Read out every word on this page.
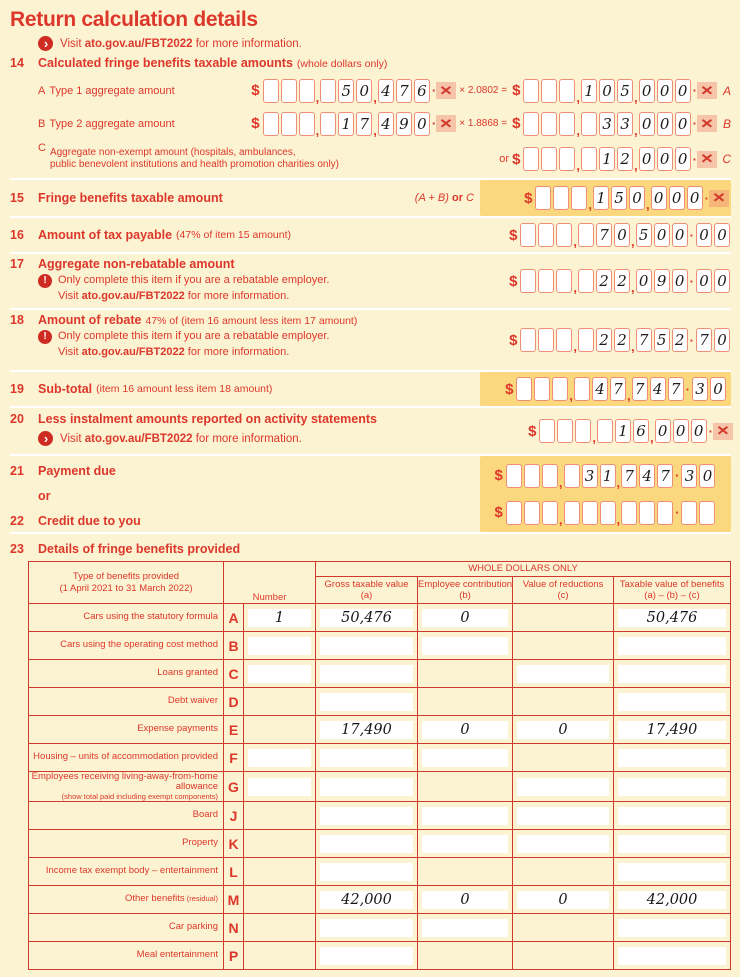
Return calculation details
›	Visit ato.gov.au/FBT2022 for more information.
14	Calculated fringe benefits taxable amounts (whole dollars only)
A Type 1 aggregate amount	$	, 5 0 , 4 7 6 · ✕ × 2.0802 = $	, 1 0 5 , 0 0 0 · ✕ A
B Type 2 aggregate amount	$	, 1 7 , 4 9 0 · ✕ × 1.8868 = $	, 3 3 , 0 0 0 · ✕ B
C Aggregate non-exempt amount (hospitals, ambulances,
public benevolent institutions and health promotion charities only)	or $	, 1 2 , 0 0 0 · ✕ C
15	Fringe benefits taxable amount	(A + B) or C	$	, 1 5 0 , 0 0 0 · ✕
16	Amount of tax payable (47% of item 15 amount)	$	, 7 0 , 5 0 0 · 0 0
17	Aggregate non-rebatable amount
!	Only complete this item if you are a rebatable employer.
Visit ato.gov.au/FBT2022 for more information.
$	, 2 2 , 0 9 0 · 0 0
18	Amount of rebate 47% of (item 16 amount less item 17 amount)
!	Only complete this item if you are a rebatable employer.
Visit ato.gov.au/FBT2022 for more information.
$	, 2 2 , 7 5 2 · 7 0
19	Sub-total (item 16 amount less item 18 amount)	$	, 4 7 , 7 4 7 · 3 0
20	Less instalment amounts reported on activity statements
›	Visit ato.gov.au/FBT2022 for more information.	$	, 1 6 , 0 0 0 · ✕
21	Payment due
or
22	Credit due to you
$	, 3 1 , 7 4 7 · 3 0
$	,	,	·
23	Details of fringe benefits provided
Type of benefits provided
(1 April 2021 to 31 March 2022)	Number		WHOLE DOLLARS ONLY			
			Gross taxable value
(a)	Employee contribution
(b)	Value of reductions
(c)	Taxable value of benefits
(a) – (b) – (c)
Cars using the statutory formula	A	1	50,476	0		50,476

Cars using the operating cost method	B	

Loans granted	C	

Debt waiver	D		

Expense payments	E		17,490	0	0	17,490

Housing – units of accommodation provided	F	

Employees receiving living-away-from-home allowance
(show total paid including exempt components)	G	

Board	J		

Property	K		

Income tax exempt body – entertainment	L		

Other benefits (residual)	M		42,000	0	0	42,000

Car parking	N		

Meal entertainment	P		
